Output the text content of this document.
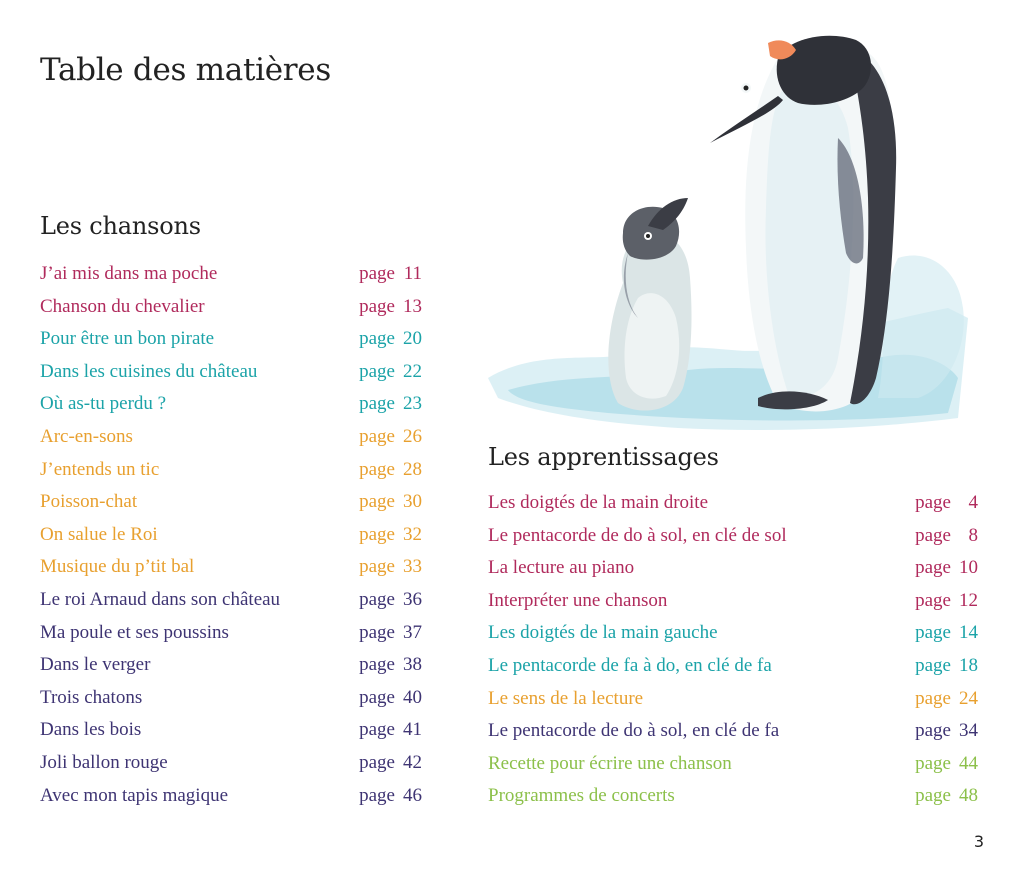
Table des matières
Les chansons
J’ai mis dans ma poche	page 11
Chanson du chevalier	page 13
Pour être un bon pirate	page 20
Dans les cuisines du château	page 22
Où as-tu perdu ?	page 23
Arc-en-sons	page 26
J’entends un tic	page 28
Poisson-chat	page 30
On salue le Roi	page 32
Musique du p’tit bal	page 33
Le roi Arnaud dans son château	page 36
Ma poule et ses poussins	page 37
Dans le verger	page 38
Trois chatons	page 40
Dans les bois	page 41
Joli ballon rouge	page 42
Avec mon tapis magique	page 46
Les apprentissages
Les doigtés de la main droite	page 4
Le pentacorde de do à sol, en clé de sol	page 8
La lecture au piano	page 10
Interpréter une chanson	page 12
Les doigtés de la main gauche	page 14
Le pentacorde de fa à do, en clé de fa	page 18
Le sens de la lecture	page 24
Le pentacorde de do à sol, en clé de fa	page 34
Recette pour écrire une chanson	page 44
Programmes de concerts	page 48
3
